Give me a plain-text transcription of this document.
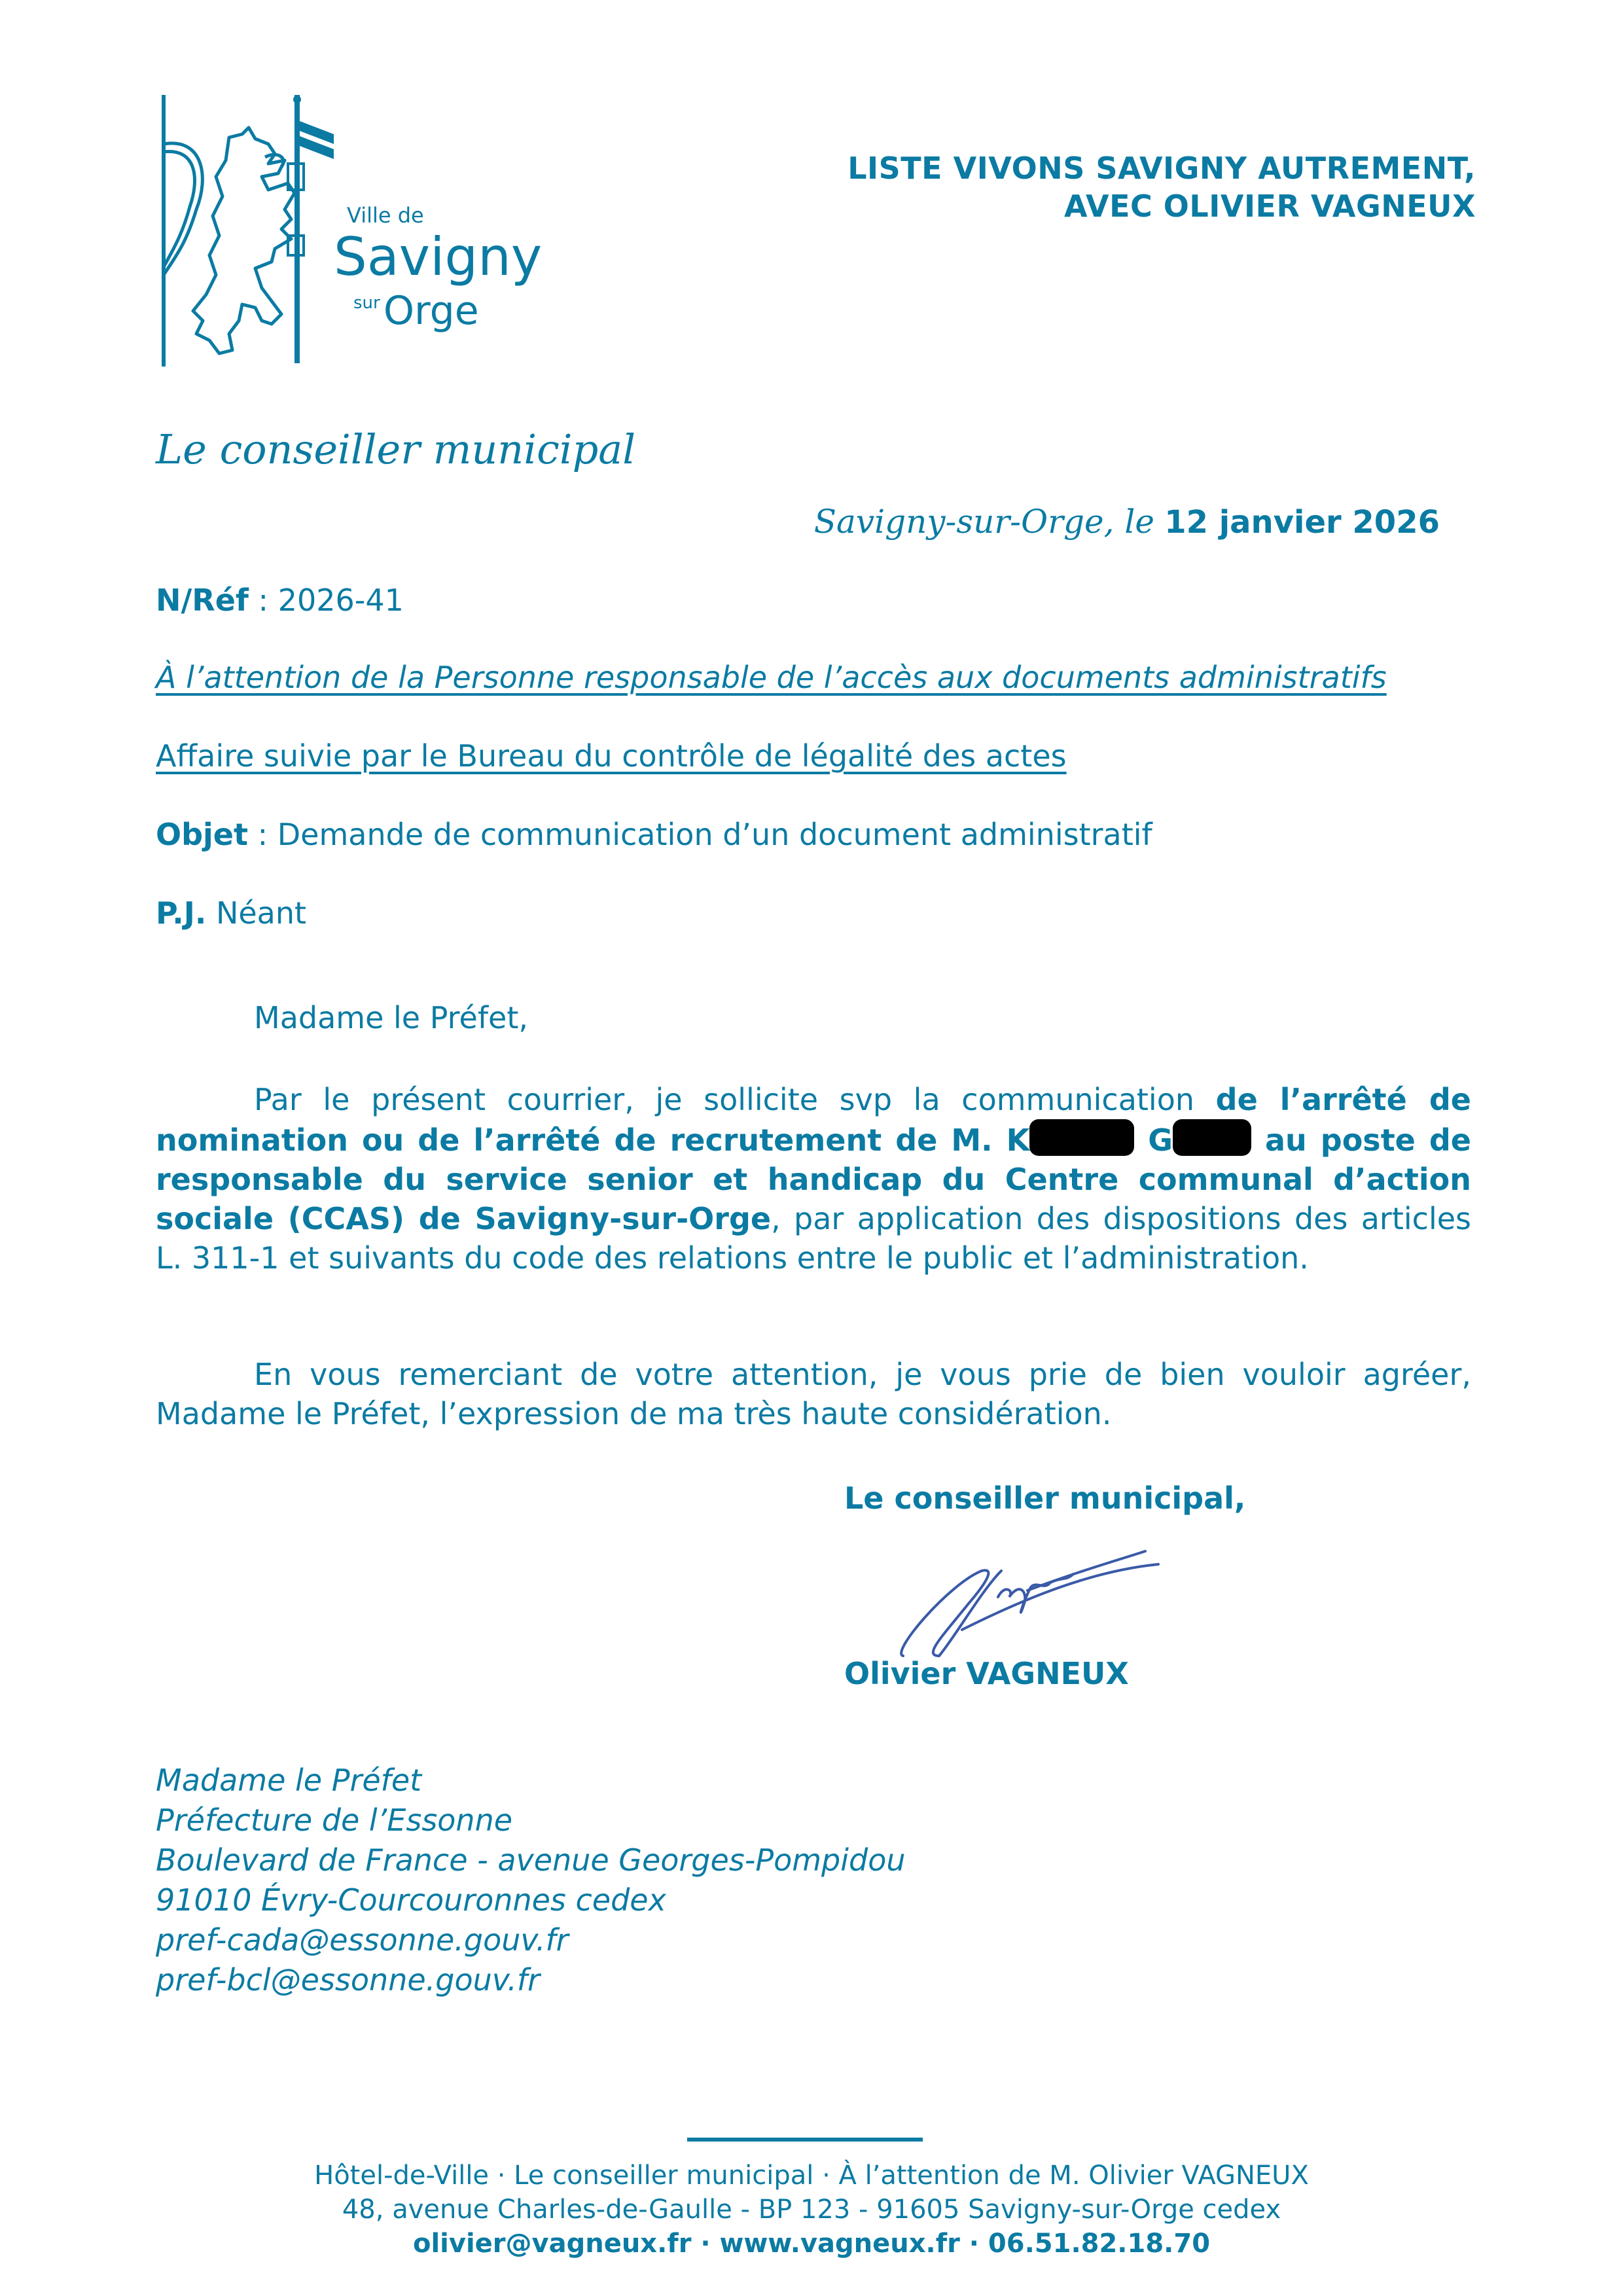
Ville de
Savigny
sur Orge
LISTE VIVONS SAVIGNY AUTREMENT,
AVEC OLIVIER VAGNEUX
Le conseiller municipal
Savigny-sur-Orge, le 12 janvier 2026
N/Réf : 2026-41
À l’attention de la Personne responsable de l’accès aux documents administratifs
Affaire suivie par le Bureau du contrôle de légalité des actes
Objet : Demande de communication d’un document administratif
P.J. Néant
Madame le Préfet,
Par le présent courrier, je sollicite svp la communication de l’arrêté de nomination ou de l’arrêté de recrutement de M. K	G	au poste de responsable du service senior et handicap du Centre communal d’action sociale (CCAS) de Savigny-sur-Orge, par application des dispositions des articles L. 311-1 et suivants du code des relations entre le public et l’administration.
En vous remerciant de votre attention, je vous prie de bien vouloir agréer, Madame le Préfet, l’expression de ma très haute considération.
Le conseiller municipal,
Olivier VAGNEUX
Madame le Préfet
Préfecture de l’Essonne
Boulevard de France - avenue Georges-Pompidou
91010 Évry-Courcouronnes cedex
pref-cada@essonne.gouv.fr
pref-bcl@essonne.gouv.fr
Hôtel-de-Ville · Le conseiller municipal · À l’attention de M. Olivier VAGNEUX
48, avenue Charles-de-Gaulle - BP 123 - 91605 Savigny-sur-Orge cedex
olivier@vagneux.fr · www.vagneux.fr · 06.51.82.18.70
